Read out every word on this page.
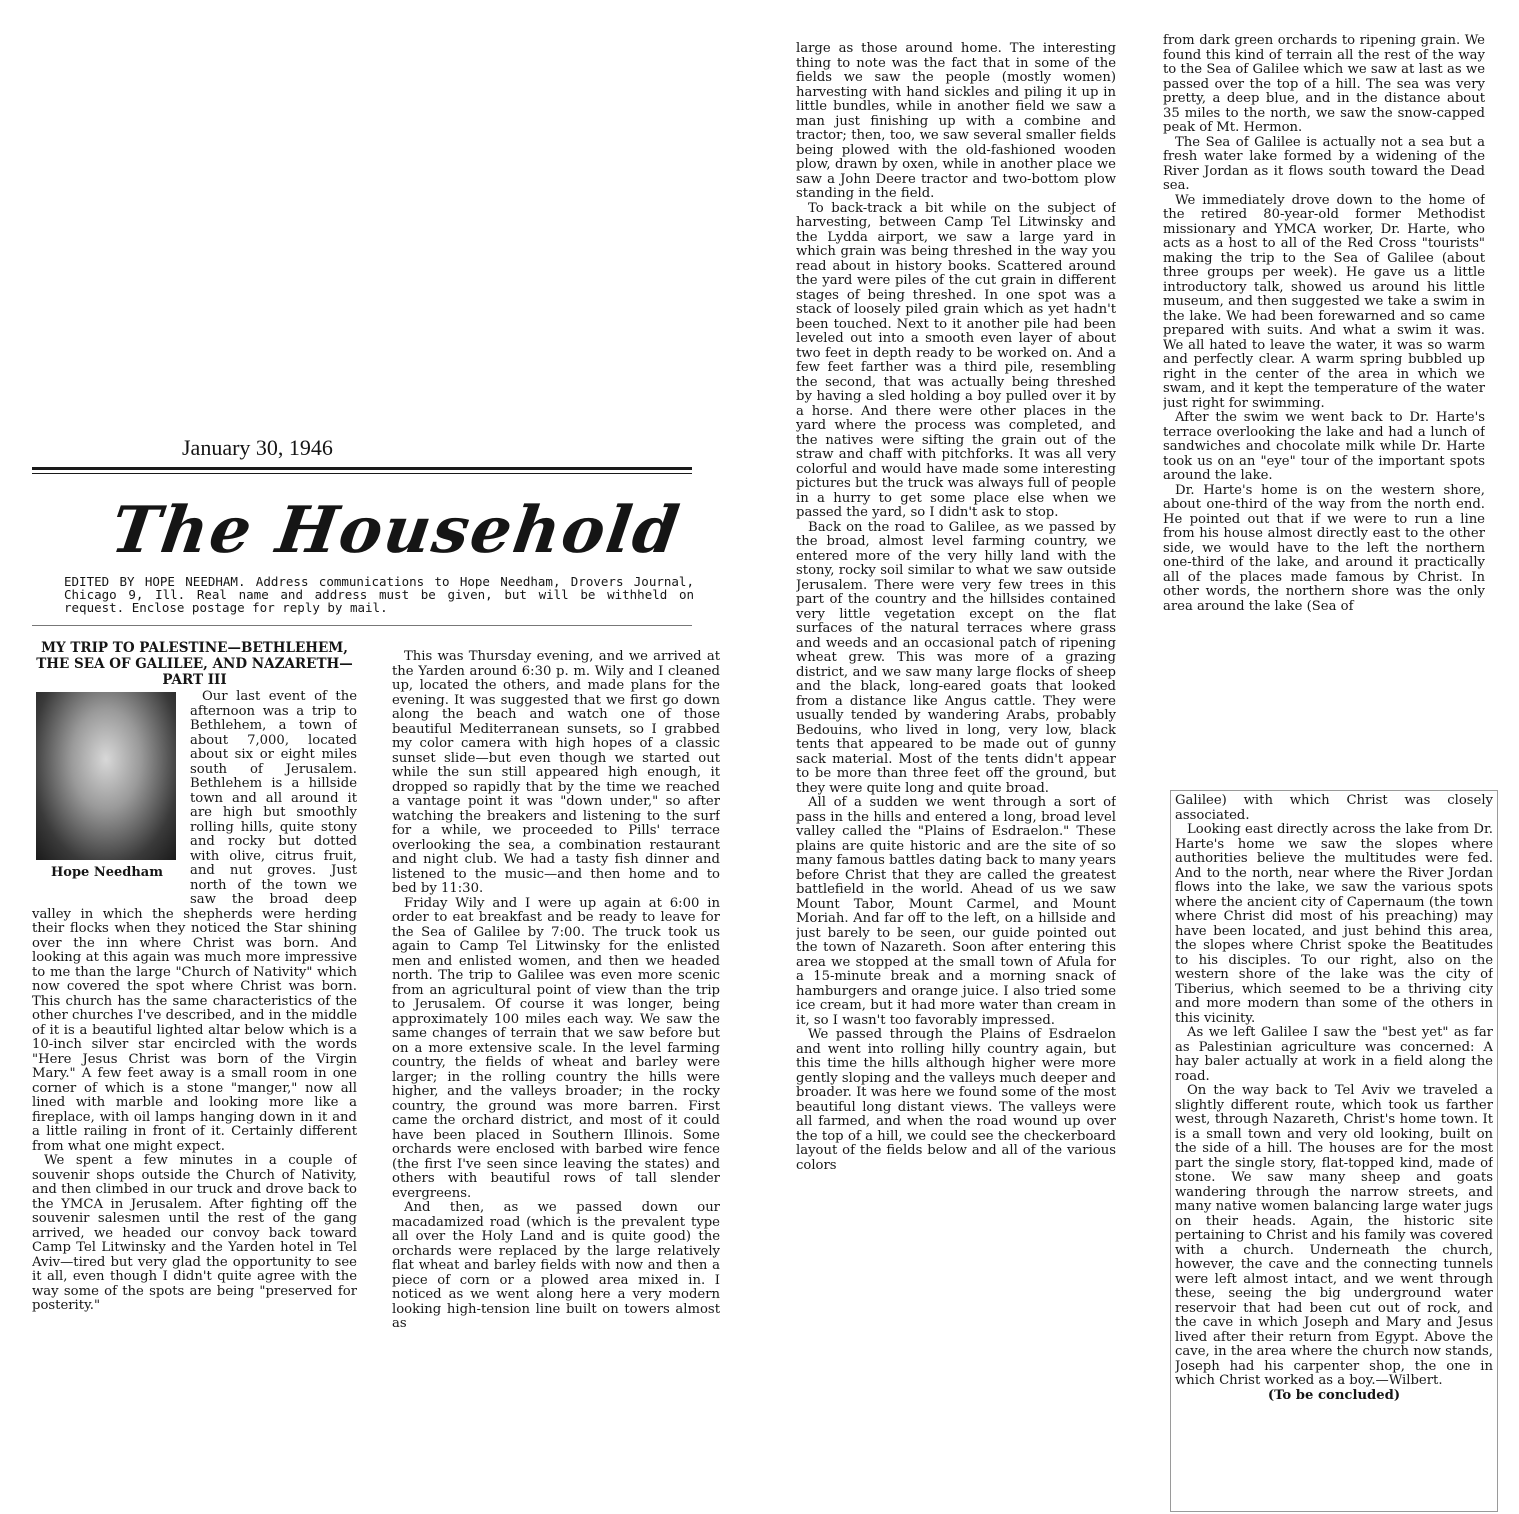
January 30, 1946
The Household
EDITED BY HOPE NEEDHAM. Address communications to Hope Needham, Drovers Journal, Chicago 9, Ill. Real name and address must be given, but will be withheld on request. Enclose postage for reply by mail.
MY TRIP TO PALESTINE—BETHLEHEM, THE SEA OF GALILEE, AND NAZARETH—PART III
Hope Needham

Our last event of the afternoon was a trip to Bethlehem, a town of about 7,000, located about six or eight miles south of Jerusalem. Bethlehem is a hillside town and all around it are high but smoothly rolling hills, quite stony and rocky but dotted with olive, citrus fruit, and nut groves. Just north of the town we saw the broad deep valley in which the shepherds were herding their flocks when they noticed the Star shining over the inn where Christ was born. And looking at this again was much more impressive to me than the large "Church of Nativity" which now covered the spot where Christ was born. This church has the same characteristics of the other churches I've described, and in the middle of it is a beautiful lighted altar below which is a 10-inch silver star encircled with the words "Here Jesus Christ was born of the Virgin Mary." A few feet away is a small room in one corner of which is a stone "manger," now all lined with marble and looking more like a fireplace, with oil lamps hanging down in it and a little railing in front of it. Certainly different from what one might expect.

We spent a few minutes in a couple of souvenir shops outside the Church of Nativity, and then climbed in our truck and drove back to the YMCA in Jerusalem. After fighting off the souvenir salesmen until the rest of the gang arrived, we headed our convoy back toward Camp Tel Litwinsky and the Yarden hotel in Tel Aviv—tired but very glad the opportunity to see it all, even though I didn't quite agree with the way some of the spots are being "preserved for posterity."

This was Thursday evening, and we arrived at the Yarden around 6:30 p. m. Wily and I cleaned up, located the others, and made plans for the evening. It was suggested that we first go down along the beach and watch one of those beautiful Mediterranean sunsets, so I grabbed my color camera with high hopes of a classic sunset slide—but even though we started out while the sun still appeared high enough, it dropped so rapidly that by the time we reached a vantage point it was "down under," so after watching the breakers and listening to the surf for a while, we proceeded to Pills' terrace overlooking the sea, a combination restaurant and night club. We had a tasty fish dinner and listened to the music—and then home and to bed by 11:30.

Friday Wily and I were up again at 6:00 in order to eat breakfast and be ready to leave for the Sea of Galilee by 7:00. The truck took us again to Camp Tel Litwinsky for the enlisted men and enlisted women, and then we headed north. The trip to Galilee was even more scenic from an agricultural point of view than the trip to Jerusalem. Of course it was longer, being approximately 100 miles each way. We saw the same changes of terrain that we saw before but on a more extensive scale. In the level farming country, the fields of wheat and barley were larger; in the rolling country the hills were higher, and the valleys broader; in the rocky country, the ground was more barren. First came the orchard district, and most of it could have been placed in Southern Illinois. Some orchards were enclosed with barbed wire fence (the first I've seen since leaving the states) and others with beautiful rows of tall slender evergreens.

And then, as we passed down our macadamized road (which is the prevalent type all over the Holy Land and is quite good) the orchards were replaced by the large relatively flat wheat and barley fields with now and then a piece of corn or a plowed area mixed in. I noticed as we went along here a very modern looking high-tension line built on towers almost as

large as those around home. The interesting thing to note was the fact that in some of the fields we saw the people (mostly women) harvesting with hand sickles and piling it up in little bundles, while in another field we saw a man just finishing up with a combine and tractor; then, too, we saw several smaller fields being plowed with the old-fashioned wooden plow, drawn by oxen, while in another place we saw a John Deere tractor and two-bottom plow standing in the field.

To back-track a bit while on the subject of harvesting, between Camp Tel Litwinsky and the Lydda airport, we saw a large yard in which grain was being threshed in the way you read about in history books. Scattered around the yard were piles of the cut grain in different stages of being threshed. In one spot was a stack of loosely piled grain which as yet hadn't been touched. Next to it another pile had been leveled out into a smooth even layer of about two feet in depth ready to be worked on. And a few feet farther was a third pile, resembling the second, that was actually being threshed by having a sled holding a boy pulled over it by a horse. And there were other places in the yard where the process was completed, and the natives were sifting the grain out of the straw and chaff with pitchforks. It was all very colorful and would have made some interesting pictures but the truck was always full of people in a hurry to get some place else when we passed the yard, so I didn't ask to stop.

Back on the road to Galilee, as we passed by the broad, almost level farming country, we entered more of the very hilly land with the stony, rocky soil similar to what we saw outside Jerusalem. There were very few trees in this part of the country and the hillsides contained very little vegetation except on the flat surfaces of the natural terraces where grass and weeds and an occasional patch of ripening wheat grew. This was more of a grazing district, and we saw many large flocks of sheep and the black, long-eared goats that looked from a distance like Angus cattle. They were usually tended by wandering Arabs, probably Bedouins, who lived in long, very low, black tents that appeared to be made out of gunny sack material. Most of the tents didn't appear to be more than three feet off the ground, but they were quite long and quite broad.

All of a sudden we went through a sort of pass in the hills and entered a long, broad level valley called the "Plains of Esdraelon." These plains are quite historic and are the site of so many famous battles dating back to many years before Christ that they are called the greatest battlefield in the world. Ahead of us we saw Mount Tabor, Mount Carmel, and Mount Moriah. And far off to the left, on a hillside and just barely to be seen, our guide pointed out the town of Nazareth. Soon after entering this area we stopped at the small town of Afula for a 15-minute break and a morning snack of hamburgers and orange juice. I also tried some ice cream, but it had more water than cream in it, so I wasn't too favorably impressed.

We passed through the Plains of Esdraelon and went into rolling hilly country again, but this time the hills although higher were more gently sloping and the valleys much deeper and broader. It was here we found some of the most beautiful long distant views. The valleys were all farmed, and when the road wound up over the top of a hill, we could see the checkerboard layout of the fields below and all of the various colors

from dark green orchards to ripening grain. We found this kind of terrain all the rest of the way to the Sea of Galilee which we saw at last as we passed over the top of a hill. The sea was very pretty, a deep blue, and in the distance about 35 miles to the north, we saw the snow-capped peak of Mt. Hermon.

The Sea of Galilee is actually not a sea but a fresh water lake formed by a widening of the River Jordan as it flows south toward the Dead sea.

We immediately drove down to the home of the retired 80-year-old former Methodist missionary and YMCA worker, Dr. Harte, who acts as a host to all of the Red Cross "tourists" making the trip to the Sea of Galilee (about three groups per week). He gave us a little introductory talk, showed us around his little museum, and then suggested we take a swim in the lake. We had been forewarned and so came prepared with suits. And what a swim it was. We all hated to leave the water, it was so warm and perfectly clear. A warm spring bubbled up right in the center of the area in which we swam, and it kept the temperature of the water just right for swimming.

After the swim we went back to Dr. Harte's terrace overlooking the lake and had a lunch of sandwiches and chocolate milk while Dr. Harte took us on an "eye" tour of the important spots around the lake.

Dr. Harte's home is on the western shore, about one-third of the way from the north end. He pointed out that if we were to run a line from his house almost directly east to the other side, we would have to the left the northern one-third of the lake, and around it practically all of the places made famous by Christ. In other words, the northern shore was the only area around the lake (Sea of

Galilee) with which Christ was closely associated.

Looking east directly across the lake from Dr. Harte's home we saw the slopes where authorities believe the multitudes were fed. And to the north, near where the River Jordan flows into the lake, we saw the various spots where the ancient city of Capernaum (the town where Christ did most of his preaching) may have been located, and just behind this area, the slopes where Christ spoke the Beatitudes to his disciples. To our right, also on the western shore of the lake was the city of Tiberius, which seemed to be a thriving city and more modern than some of the others in this vicinity.

As we left Galilee I saw the "best yet" as far as Palestinian agriculture was concerned: A hay baler actually at work in a field along the road.

On the way back to Tel Aviv we traveled a slightly different route, which took us farther west, through Nazareth, Christ's home town. It is a small town and very old looking, built on the side of a hill. The houses are for the most part the single story, flat-topped kind, made of stone. We saw many sheep and goats wandering through the narrow streets, and many native women balancing large water jugs on their heads. Again, the historic site pertaining to Christ and his family was covered with a church. Underneath the church, however, the cave and the connecting tunnels were left almost intact, and we went through these, seeing the big underground water reservoir that had been cut out of rock, and the cave in which Joseph and Mary and Jesus lived after their return from Egypt. Above the cave, in the area where the church now stands, Joseph had his carpenter shop, the one in which Christ worked as a boy.—Wilbert.

(To be concluded)
